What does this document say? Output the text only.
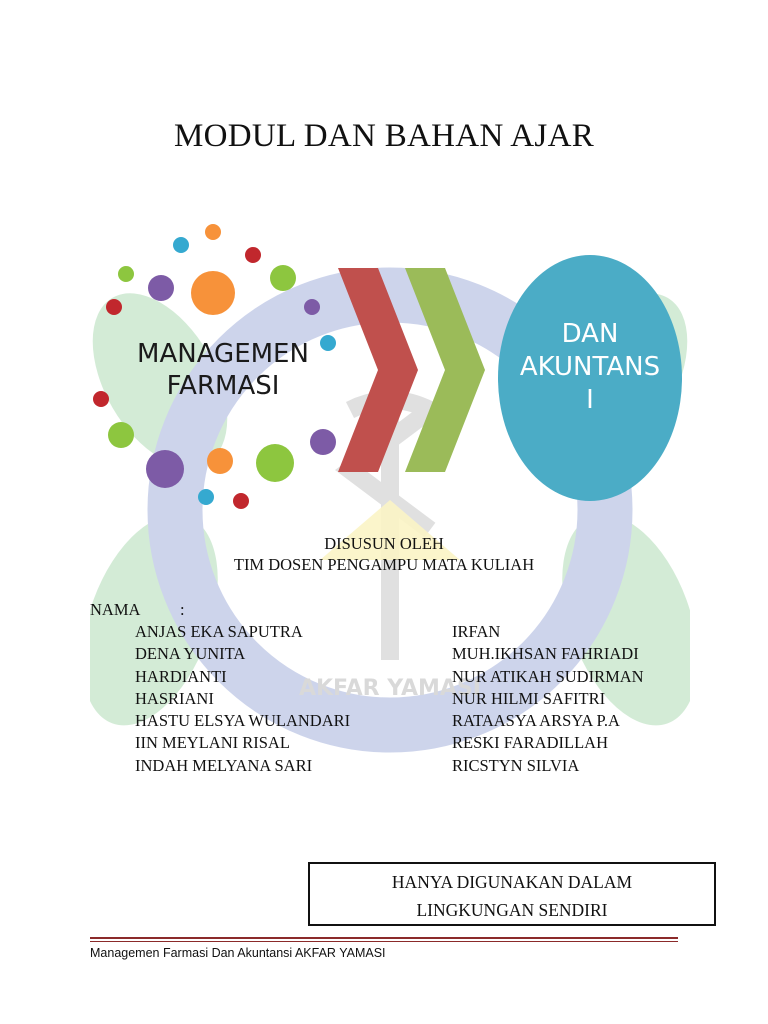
MODUL DAN BAHAN AJAR
AKFAR YAMASI
MANAGEMEN
FARMASI
DAN
AKUNTANS
I
DISUSUN OLEH
TIM DOSEN PENGAMPU MATA KULIAH
NAMA :
ANJAS EKA SAPUTRA
DENA YUNITA
HARDIANTI
HASRIANI
HASTU ELSYA WULANDARI
IIN MEYLANI RISAL
INDAH MELYANA SARI
IRFAN
MUH.IKHSAN FAHRIADI
NUR ATIKAH SUDIRMAN
NUR HILMI SAFITRI
RATAASYA ARSYA P.A
RESKI FARADILLAH
RICSTYN SILVIA
HANYA DIGUNAKAN DALAM
LINGKUNGAN SENDIRI
Managemen Farmasi Dan Akuntansi AKFAR YAMASI
